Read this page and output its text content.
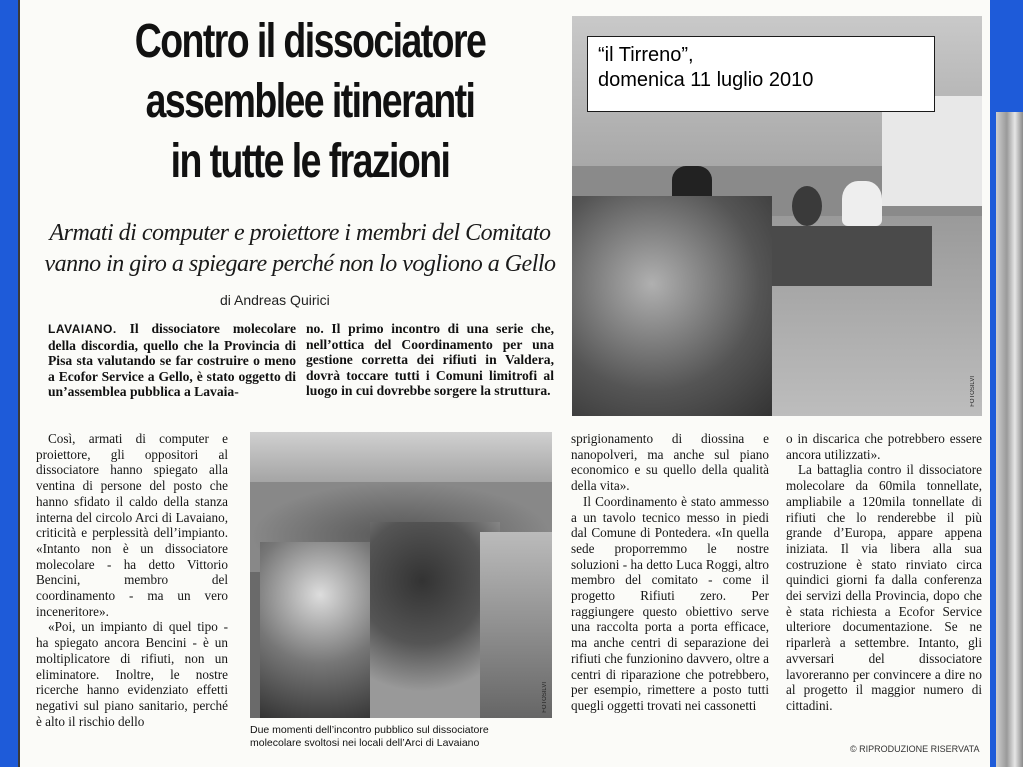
Contro il dissociatore
assemblee itineranti
in tutte le frazioni
Armati di computer e proiettore i membri del Comitato
vanno in giro a spiegare perché non lo vogliono a Gello
di Andreas Quirici
LAVAIANO. Il dissociatore molecolare della discordia, quello che la Provincia di Pisa sta valutando se far costruire o meno a Ecofor Service a Gello, è stato oggetto di un’assemblea pubblica a Lavaia-
no. Il primo incontro di una serie che, nell’ottica del Coordinamento per una gestione corretta dei rifiuti in Valdera, dovrà toccare tutti i Comuni limitrofi al luogo in cui dovrebbe sorgere la struttura.	FOTOSILVI
“il Tirreno”,
domenica 11 luglio 2010

Così, armati di computer e proiettore, gli oppositori al dissociatore hanno spiegato alla ventina di persone del posto che hanno sfidato il caldo della stanza interna del circolo Arci di Lavaiano, criticità e perplessità dell’impianto. «Intanto non è un dissociatore molecolare - ha detto Vittorio Bencini, membro del coordinamento - ma un vero inceneritore».

«Poi, un impianto di quel tipo - ha spiegato ancora Bencini - è un moltiplicatore di rifiuti, non un eliminatore. Inoltre, le nostre ricerche hanno evidenziato effetti negativi sul piano sanitario, perché è alto il rischio dello

FOTOSILVI
Due momenti dell’incontro pubblico sul dissociatore
molecolare svoltosi nei locali dell’Arci di Lavaiano

sprigionamento di diossina e nanopolveri, ma anche sul piano economico e su quello della qualità della vita».

Il Coordinamento è stato ammesso a un tavolo tecnico messo in piedi dal Comune di Pontedera. «In quella sede proporremmo le nostre soluzioni - ha detto Luca Roggi, altro membro del comitato - come il progetto Rifiuti zero. Per raggiungere questo obiettivo serve una raccolta porta a porta efficace, ma anche centri di separazione dei rifiuti che funzionino davvero, oltre a centri di riparazione che potrebbero, per esempio, rimettere a posto tutti quegli oggetti trovati nei cassonetti

o in discarica che potrebbero essere ancora utilizzati».

La battaglia contro il dissociatore molecolare da 60mila tonnellate, ampliabile a 120mila tonnellate di rifiuti che lo renderebbe il più grande d’Europa, appare appena iniziata. Il via libera alla sua costruzione è stato rinviato circa quindici giorni fa dalla conferenza dei servizi della Provincia, dopo che è stata richiesta a Ecofor Service ulteriore documentazione. Se ne riparlerà a settembre. Intanto, gli avversari del dissociatore lavoreranno per convincere a dire no al progetto il maggior numero di cittadini.

© RIPRODUZIONE RISERVATA
